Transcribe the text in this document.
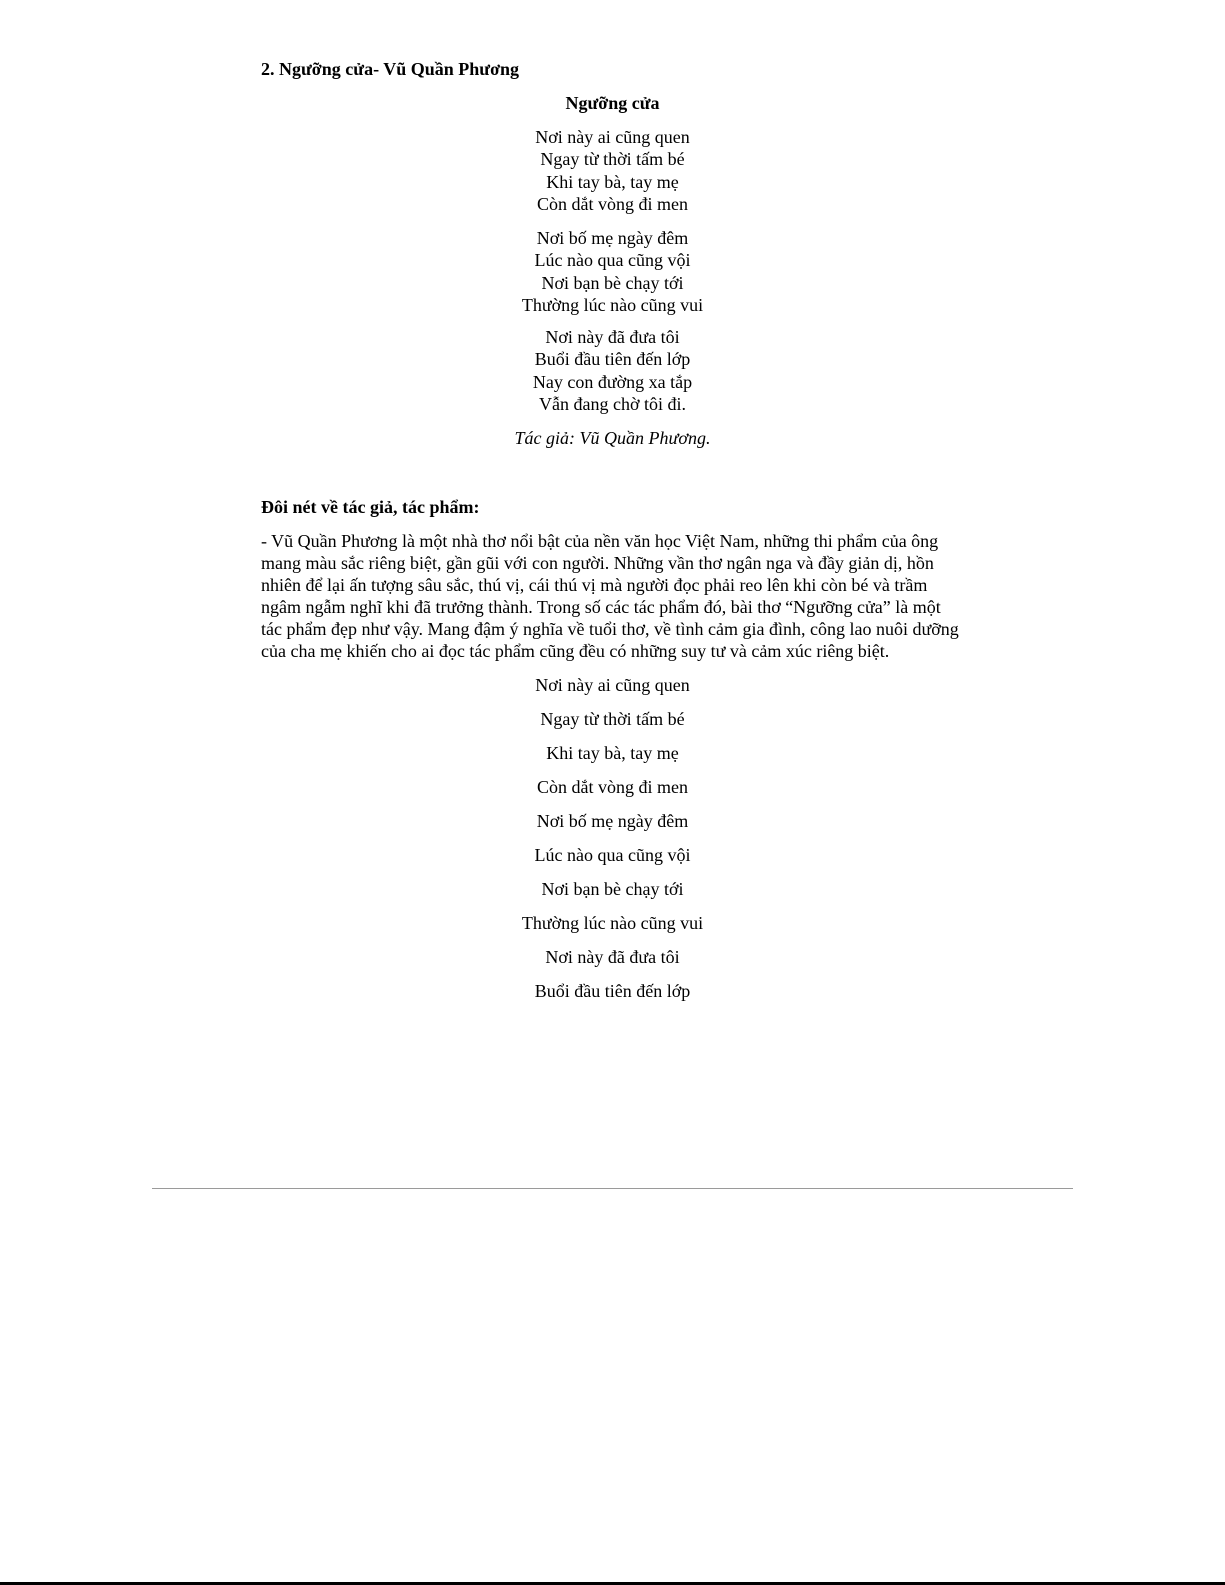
2. Ngưỡng cửa- Vũ Quần Phương
Ngưỡng cửa
Nơi này ai cũng quen
Ngay từ thời tấm bé
Khi tay bà, tay mẹ
Còn dắt vòng đi men
Nơi bố mẹ ngày đêm
Lúc nào qua cũng vội
Nơi bạn bè chạy tới
Thường lúc nào cũng vui
Nơi này đã đưa tôi
Buổi đầu tiên đến lớp
Nay con đường xa tắp
Vẫn đang chờ tôi đi.

Tác giả: Vũ Quần Phương.

Đôi nét về tác giả, tác phẩm:

- Vũ Quần Phương là một nhà thơ nổi bật của nền văn học Việt Nam, những thi phẩm của ông
mang màu sắc riêng biệt, gần gũi với con người. Những vần thơ ngân nga và đầy giản dị, hồn
nhiên để lại ấn tượng sâu sắc, thú vị, cái thú vị mà người đọc phải reo lên khi còn bé và trầm
ngâm ngẫm nghĩ khi đã trưởng thành. Trong số các tác phẩm đó, bài thơ “Ngưỡng cửa” là một
tác phẩm đẹp như vậy. Mang đậm ý nghĩa về tuổi thơ, về tình cảm gia đình, công lao nuôi dưỡng
của cha mẹ khiến cho ai đọc tác phẩm cũng đều có những suy tư và cảm xúc riêng biệt.

Nơi này ai cũng quen
Ngay từ thời tấm bé
Khi tay bà, tay mẹ
Còn dắt vòng đi men
Nơi bố mẹ ngày đêm
Lúc nào qua cũng vội
Nơi bạn bè chạy tới
Thường lúc nào cũng vui
Nơi này đã đưa tôi
Buổi đầu tiên đến lớp
